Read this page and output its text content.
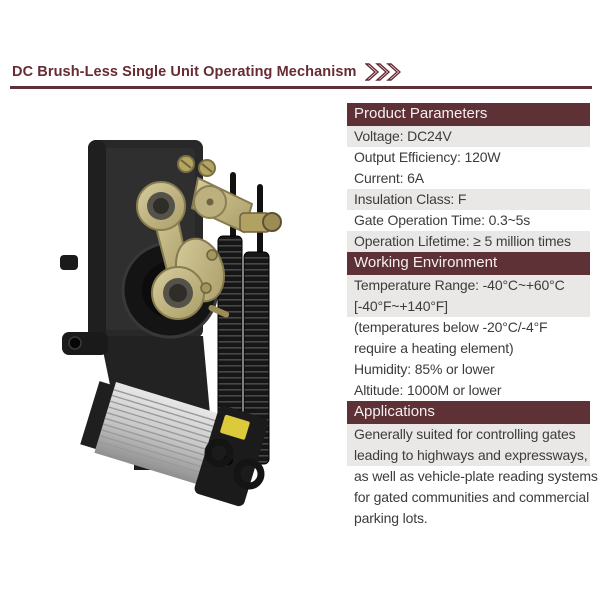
DC Brush-Less Single Unit Operating Mechanism
Product Parameters
Voltage: DC24V
Output Efficiency: 120W
Current: 6A
Insulation Class: F
Gate Operation Time: 0.3~5s
Operation Lifetime: ≥ 5 million times
Working Environment
Temperature Range: -40°C~+60°C
[-40°F~+140°F]
(temperatures below -20°C/-4°F
require a heating element)
Humidity: 85% or lower
Altitude: 1000M or lower
Applications
Generally suited for controlling gates
leading to highways and expressways,
as well as vehicle-plate reading systems
for gated communities and commercial
parking lots.
